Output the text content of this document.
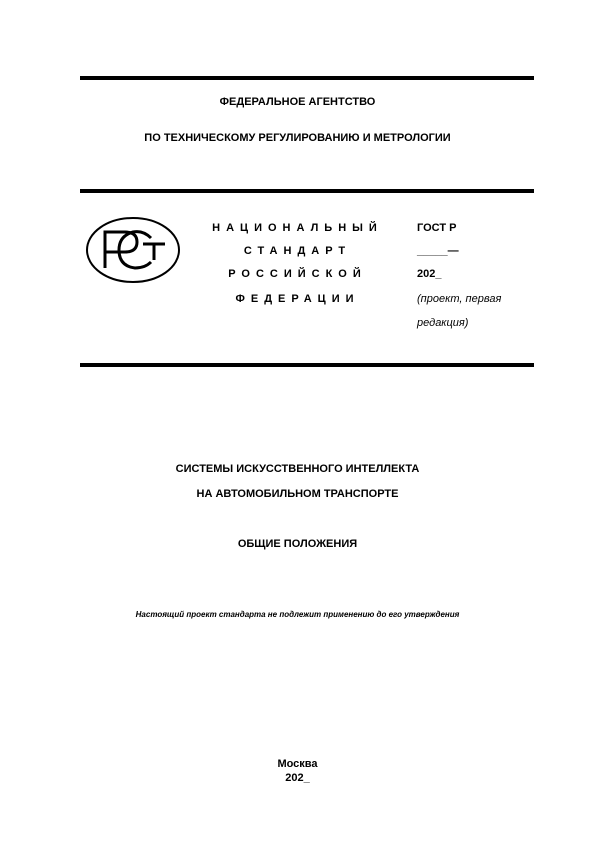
ФЕДЕРАЛЬНОЕ АГЕНТСТВО
ПО ТЕХНИЧЕСКОМУ РЕГУЛИРОВАНИЮ И МЕТРОЛОГИИ
РСТ
НАЦИОНАЛЬНЫЙ
СТАНДАРТ
РОССИЙСКОЙ
ФЕДЕРАЦИИ
ГОСТ Р
_____—
202_
(проект, первая
редакция)
СИСТЕМЫ ИСКУССТВЕННОГО ИНТЕЛЛЕКТА
НА АВТОМОБИЛЬНОМ ТРАНСПОРТЕ
ОБЩИЕ ПОЛОЖЕНИЯ
Настоящий проект стандарта не подлежит применению до его утверждения
Москва
202_
